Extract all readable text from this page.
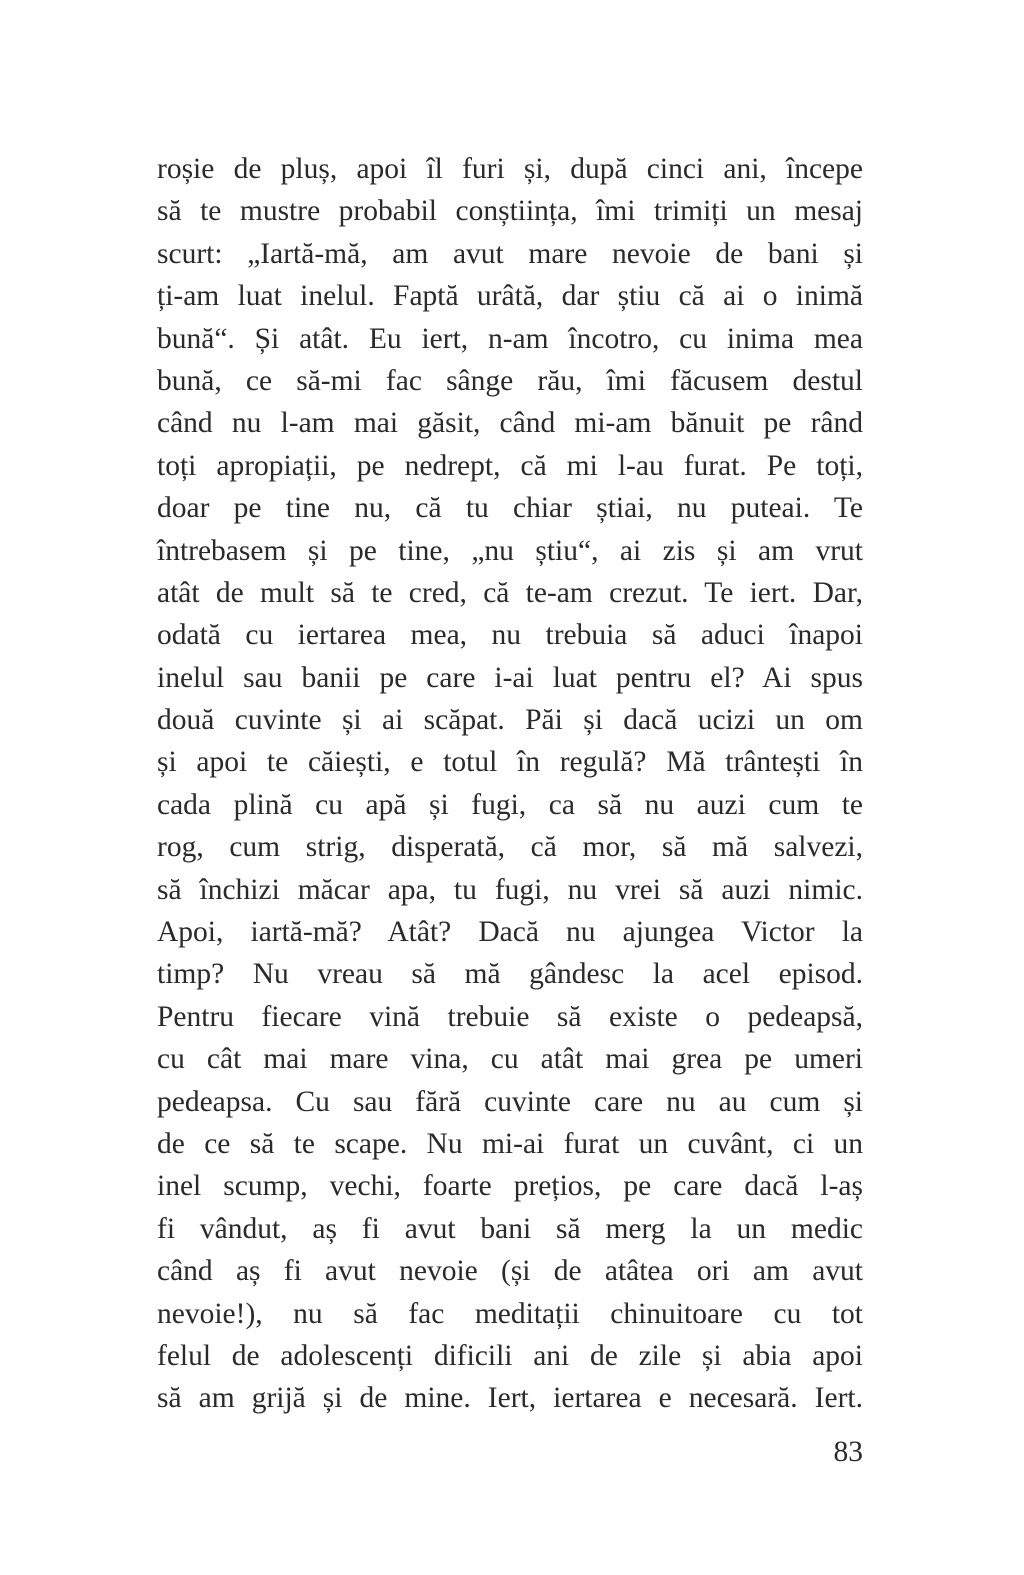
roșie de pluș, apoi îl furi și, după cinci ani, începe
să te mustre probabil conștiința, îmi trimiți un mesaj
scurt: „Iartă-mă, am avut mare nevoie de bani și
ți-am luat inelul. Faptă urâtă, dar știu că ai o inimă
bună“. Și atât. Eu iert, n-am încotro, cu inima mea
bună, ce să-mi fac sânge rău, îmi făcusem destul
când nu l-am mai găsit, când mi-am bănuit pe rând
toți apropiații, pe nedrept, că mi l-au furat. Pe toți,
doar pe tine nu, că tu chiar știai, nu puteai. Te
întrebasem și pe tine, „nu știu“, ai zis și am vrut
atât de mult să te cred, că te-am crezut. Te iert. Dar,
odată cu iertarea mea, nu trebuia să aduci înapoi
inelul sau banii pe care i-ai luat pentru el? Ai spus
două cuvinte și ai scăpat. Păi și dacă ucizi un om
și apoi te căiești, e totul în regulă? Mă trântești în
cada plină cu apă și fugi, ca să nu auzi cum te
rog, cum strig, disperată, că mor, să mă salvezi,
să închizi măcar apa, tu fugi, nu vrei să auzi nimic.
Apoi, iartă-mă? Atât? Dacă nu ajungea Victor la
timp? Nu vreau să mă gândesc la acel episod.
Pentru fiecare vină trebuie să existe o pedeapsă,
cu cât mai mare vina, cu atât mai grea pe umeri
pedeapsa. Cu sau fără cuvinte care nu au cum și
de ce să te scape. Nu mi-ai furat un cuvânt, ci un
inel scump, vechi, foarte prețios, pe care dacă l-aș
fi vândut, aș fi avut bani să merg la un medic
când aș fi avut nevoie (și de atâtea ori am avut
nevoie!), nu să fac meditații chinuitoare cu tot
felul de adolescenți dificili ani de zile și abia apoi
să am grijă și de mine. Iert, iertarea e necesară. Iert.
83
